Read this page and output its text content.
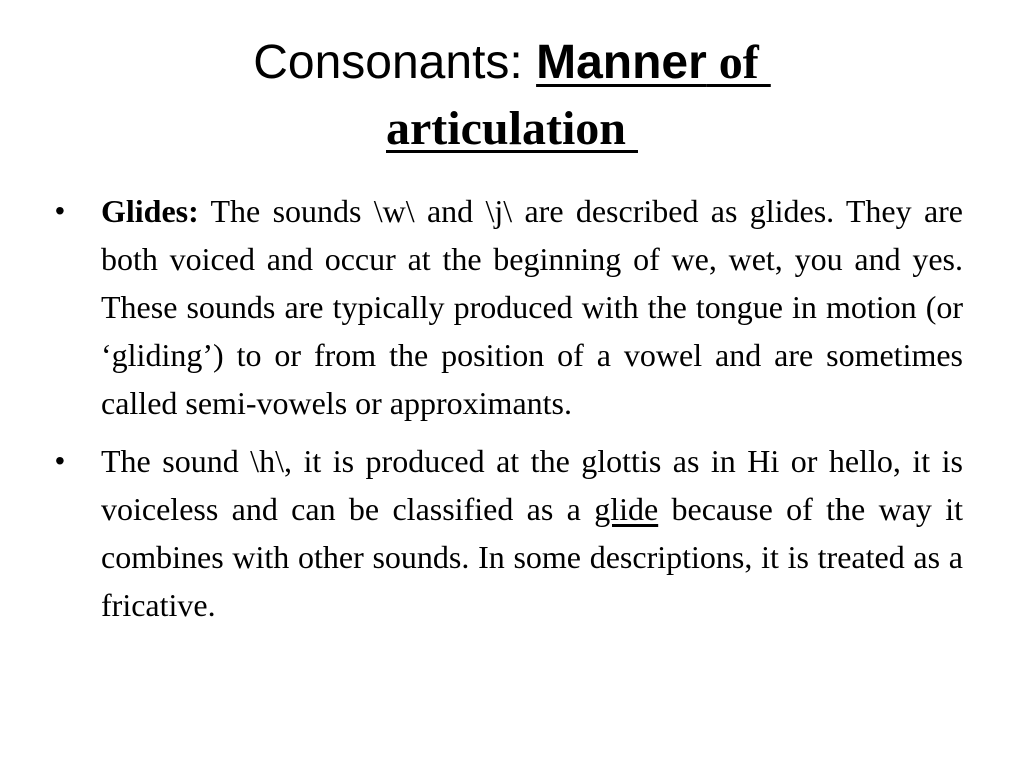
Consonants: Manner of
articulation
• Glides: The sounds \w\ and \j\ are described as glides. They are both voiced and occur at the beginning of we, wet, you and yes. These sounds are typically produced with the tongue in motion (or ‘gliding’) to or from the position of a vowel and are sometimes called semi-vowels or approximants.
• The sound \h\, it is produced at the glottis as in Hi or hello, it is voiceless and can be classified as a glide because of the way it combines with other sounds. In some descriptions, it is treated as a fricative.
